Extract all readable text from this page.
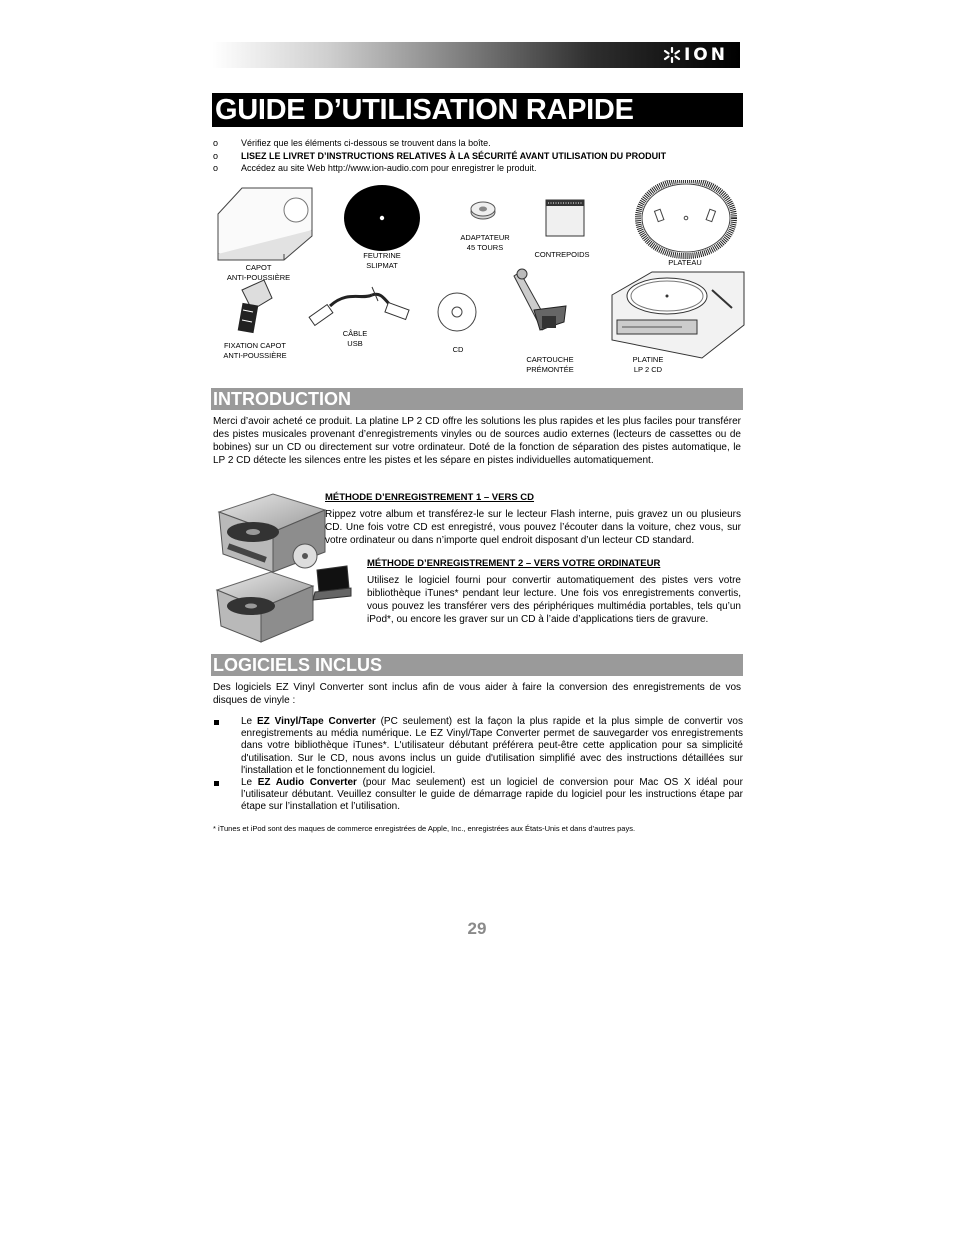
ION
GUIDE D’UTILISATION RAPIDE
o	Vérifiez que les éléments ci-dessous se trouvent dans la boîte.
o	LISEZ LE LIVRET D’INSTRUCTIONS RELATIVES À LA SÉCURITÉ AVANT UTILISATION DU PRODUIT
o	Accédez au site Web http://www.ion-audio.com pour enregistrer le produit.
CAPOT
ANTI-POUSSIÈRE
FEUTRINE
SLIPMAT
ADAPTATEUR
45 TOURS
CONTREPOIDS
PLATEAU
FIXATION CAPOT
ANTI-POUSSIÈRE
CÂBLE
USB
CD
CARTOUCHE
PRÉMONTÉE
PLATINE
LP 2 CD
INTRODUCTION

Merci d’avoir acheté ce produit. La platine LP 2 CD offre les solutions les plus rapides et les plus faciles pour transférer des pistes musicales provenant d’enregistrements vinyles ou de sources audio externes (lecteurs de cassettes ou de bobines) sur un CD ou directement sur votre ordinateur. Doté de la fonction de séparation des pistes automatique, le LP 2 CD détecte les silences entre les pistes et les sépare en pistes individuelles automatiquement.

MÉTHODE D’ENREGISTREMENT 1 – VERS CD

Rippez votre album et transférez-le sur le lecteur Flash interne, puis gravez un ou plusieurs CD. Une fois votre CD est enregistré, vous pouvez l’écouter dans la voiture, chez vous, sur votre ordinateur ou dans n’importe quel endroit disposant d’un lecteur CD standard.

MÉTHODE D’ENREGISTREMENT 2 – VERS VOTRE ORDINATEUR

Utilisez le logiciel fourni pour convertir automatiquement des pistes vers votre bibliothèque iTunes* pendant leur lecture. Une fois vos enregistrements convertis, vous pouvez les transférer vers des périphériques multimédia portables, tels qu’un iPod*, ou encore les graver sur un CD à l’aide d’applications tiers de gravure.

LOGICIELS INCLUS

Des logiciels EZ Vinyl Converter sont inclus afin de vous aider à faire la conversion des enregistrements de vos disques de vinyle :

Le EZ Vinyl/Tape Converter (PC seulement) est la façon la plus rapide et la plus simple de convertir vos enregistrements au média numérique. Le EZ Vinyl/Tape Converter permet de sauvegarder vos enregistrements dans votre bibliothèque iTunes*. L'utilisateur débutant préférera peut-être cette application pour sa simplicité d'utilisation. Sur le CD, nous avons inclus un guide d'utilisation simplifié avec des instructions détaillées sur l'installation et le fonctionnement du logiciel.
Le EZ Audio Converter (pour Mac seulement) est un logiciel de conversion pour Mac OS X idéal pour l’utilisateur débutant. Veuillez consulter le guide de démarrage rapide du logiciel pour les instructions étape par étape sur l’installation et l’utilisation.
* iTunes et iPod sont des maques de commerce enregistrées de Apple, Inc., enregistrées aux États-Unis et dans d’autres pays.
29
